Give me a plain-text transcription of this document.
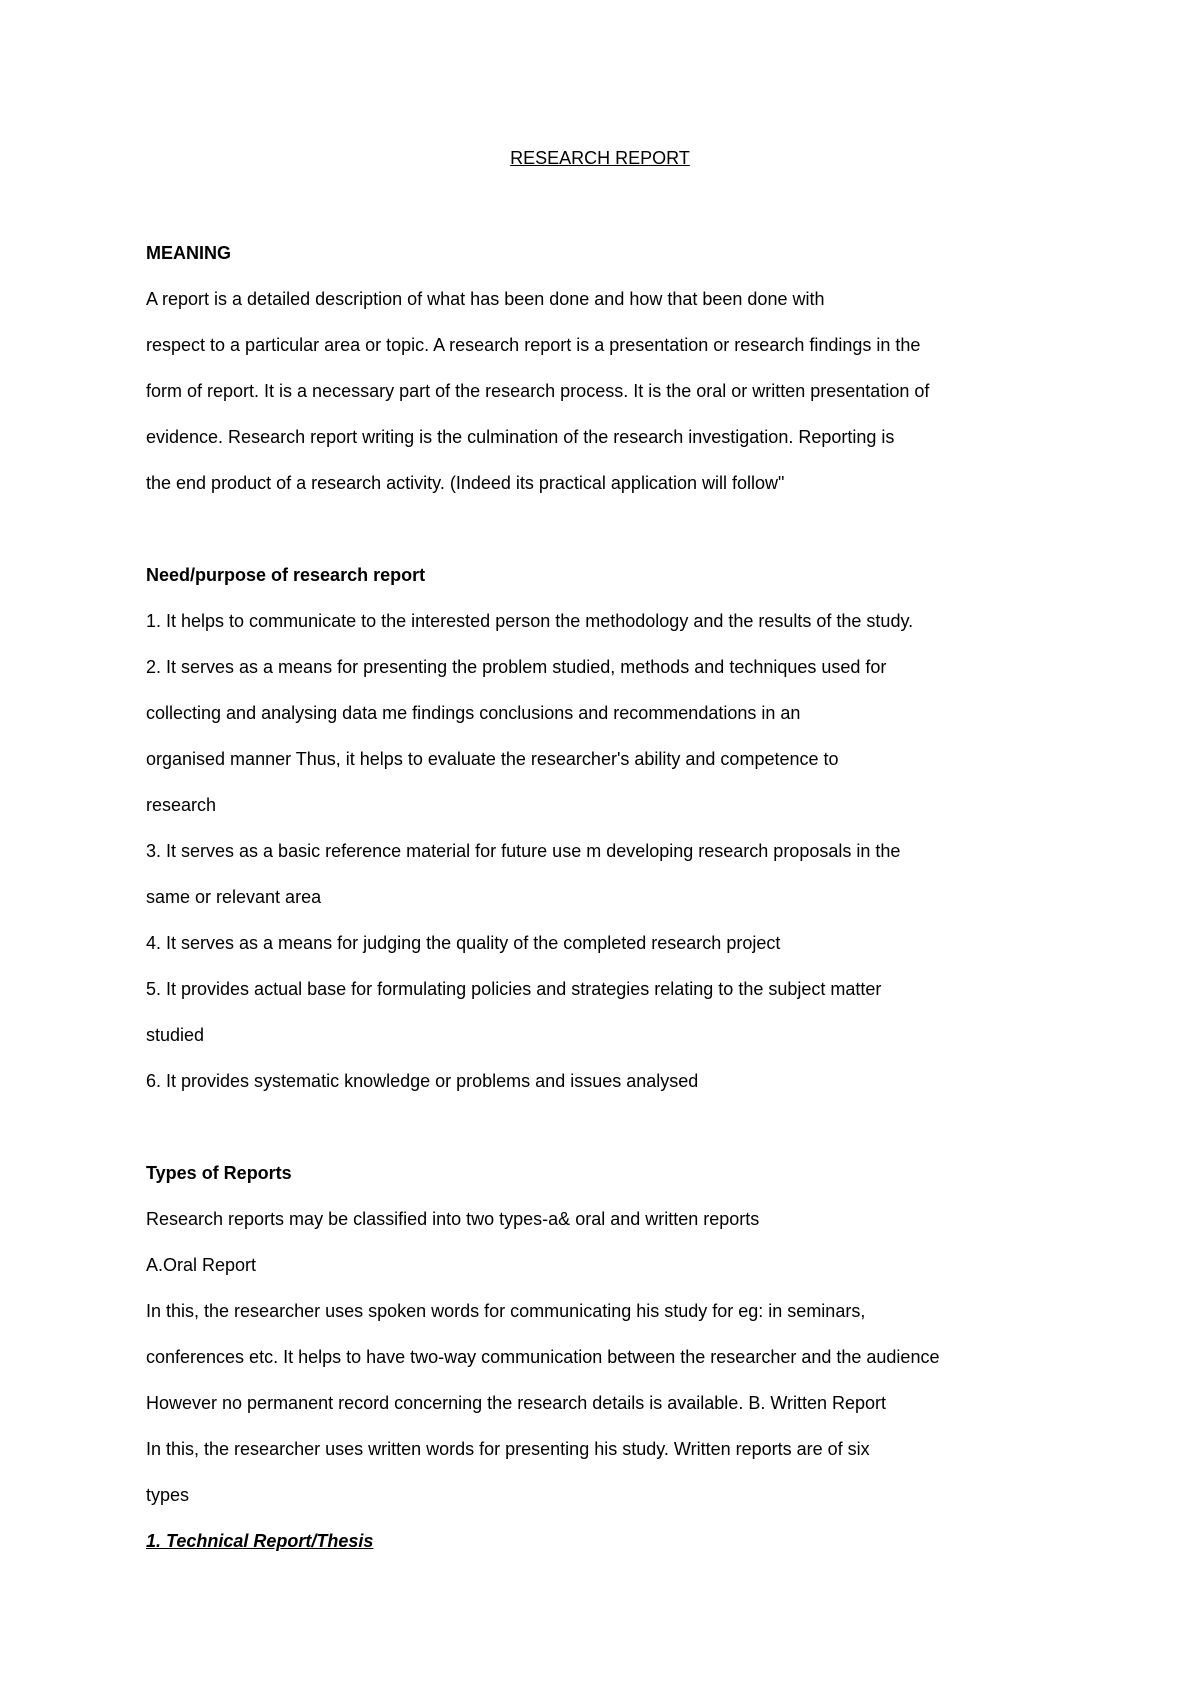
RESEARCH REPORT
MEANING
A report is a detailed description of what has been done and how that been done with
respect to a particular area or topic. A research report is a presentation or research findings in the
form of report. It is a necessary part of the research process. It is the oral or written presentation of
evidence. Research report writing is the culmination of the research investigation. Reporting is
the end product of a research activity. (Indeed its practical application will follow"
Need/purpose of research report
1. It helps to communicate to the interested person the methodology and the results of the study.
2. It serves as a means for presenting the problem studied, methods and techniques used for
collecting and analysing data me findings conclusions and recommendations in an
organised manner Thus, it helps to evaluate the researcher's ability and competence to
research
3. It serves as a basic reference material for future use m developing research proposals in the
same or relevant area
4. It serves as a means for judging the quality of the completed research project
5. It provides actual base for formulating policies and strategies relating to the subject matter
studied
6. It provides systematic knowledge or problems and issues analysed
Types of Reports
Research reports may be classified into two types-a& oral and written reports
A.Oral Report
In this, the researcher uses spoken words for communicating his study for eg: in seminars,
conferences etc. It helps to have two-way communication between the researcher and the audience
However no permanent record concerning the research details is available. B. Written Report
In this, the researcher uses written words for presenting his study. Written reports are of six
types
1. Technical Report/Thesis
